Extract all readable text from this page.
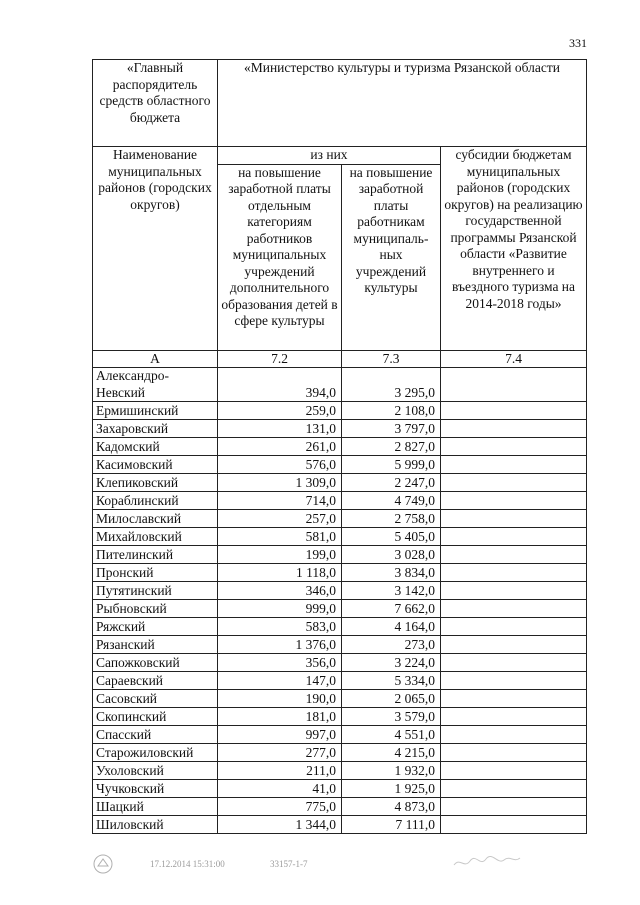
331
«Главный распорядитель средств областного бюджета	«Министерство культуры и туризма Рязанской области		
Наименование муниципальных районов (городских округов)	из них		субсидии бюджетам муниципальных районов (городских округов) на реализацию государственной программы Рязанской области «Развитие внутреннего и въездного туризма на 2014-2018 годы»
	на повышение заработной платы отдельным категориям работников муниципальных учреждений дополнительного образования детей в сфере культуры	на повышение заработной платы работникам муниципаль-ных учреждений культуры	
А	7.2	7.3	7.4
Александро-Невский	394,0	3 295,0	
Ермишинский	259,0	2 108,0	
Захаровский	131,0	3 797,0	
Кадомский	261,0	2 827,0	
Касимовский	576,0	5 999,0	
Клепиковский	1 309,0	2 247,0	
Кораблинский	714,0	4 749,0	
Милославский	257,0	2 758,0	
Михайловский	581,0	5 405,0	
Пителинский	199,0	3 028,0	
Пронский	1 118,0	3 834,0	
Путятинский	346,0	3 142,0	
Рыбновский	999,0	7 662,0	
Ряжский	583,0	4 164,0	
Рязанский	1 376,0	273,0	
Сапожковский	356,0	3 224,0	
Сараевский	147,0	5 334,0	
Сасовский	190,0	2 065,0	
Скопинский	181,0	3 579,0	
Спасский	997,0	4 551,0	
Старожиловский	277,0	4 215,0	
Ухоловский	211,0	1 932,0	
Чучковский	41,0	1 925,0	
Шацкий	775,0	4 873,0	
Шиловский	1 344,0	7 111,0	
17.12.2014 15:31:00	33157-1-7
